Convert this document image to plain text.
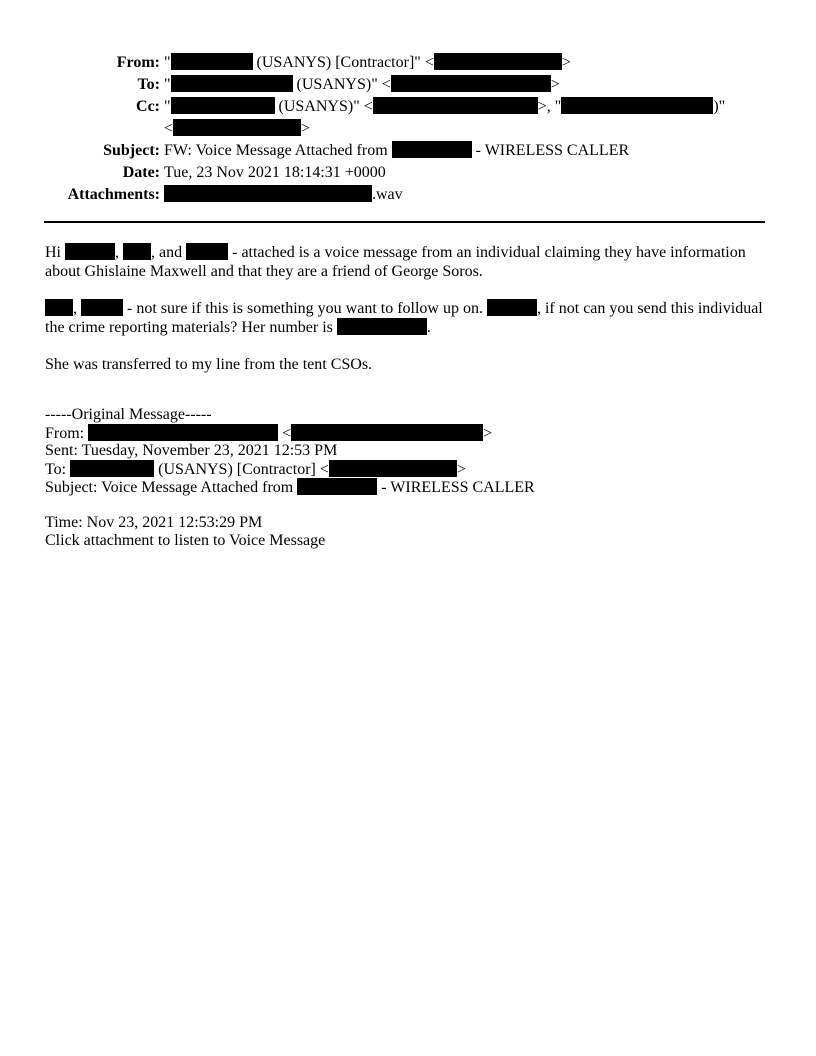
From: "	(USANYS) [Contractor]" <	>
To: "	(USANYS)" <	>
Cc: "	(USANYS)" <	>, "	)"
<	>
Subject: FW: Voice Message Attached from	- WIRELESS CALLER
Date: Tue, 23 Nov 2021 18:14:31 +0000
Attachments:	.wav

Hi	, , and	- attached is a voice message from an individual claiming they have information about Ghislaine Maxwell and that they are a friend of George Soros.

,	- not sure if this is something you want to follow up on.	, if not can you send this individual the crime reporting materials? Her number is	.

She was transferred to my line from the tent CSOs.

-----Original Message-----
From:	<	>
Sent: Tuesday, November 23, 2021 12:53 PM
To:	(USANYS) [Contractor] <	>
Subject: Voice Message Attached from	- WIRELESS CALLER
Time: Nov 23, 2021 12:53:29 PM
Click attachment to listen to Voice Message
